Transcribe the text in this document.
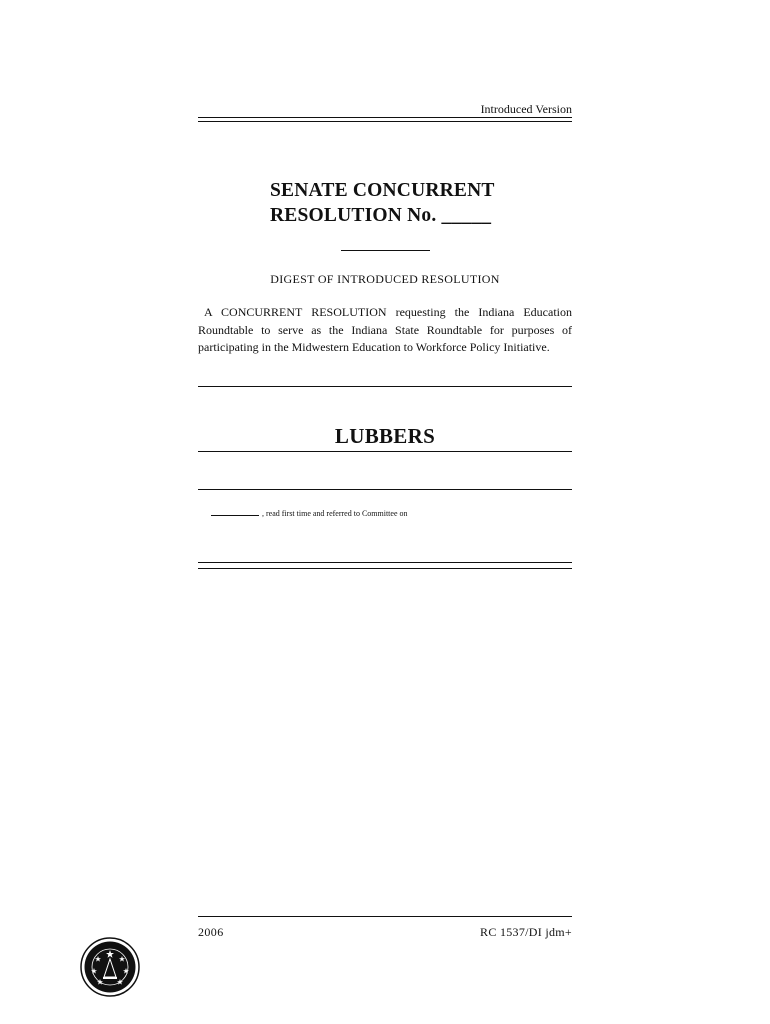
Introduced Version
SENATE CONCURRENT
RESOLUTION No. _____
DIGEST OF INTRODUCED RESOLUTION
A CONCURRENT RESOLUTION requesting the Indiana Education Roundtable to serve as the Indiana State Roundtable for purposes of participating in the Midwestern Education to Workforce Policy Initiative.
LUBBERS
, read first time and referred to Committee on
2006	RC 1537/DI jdm+
